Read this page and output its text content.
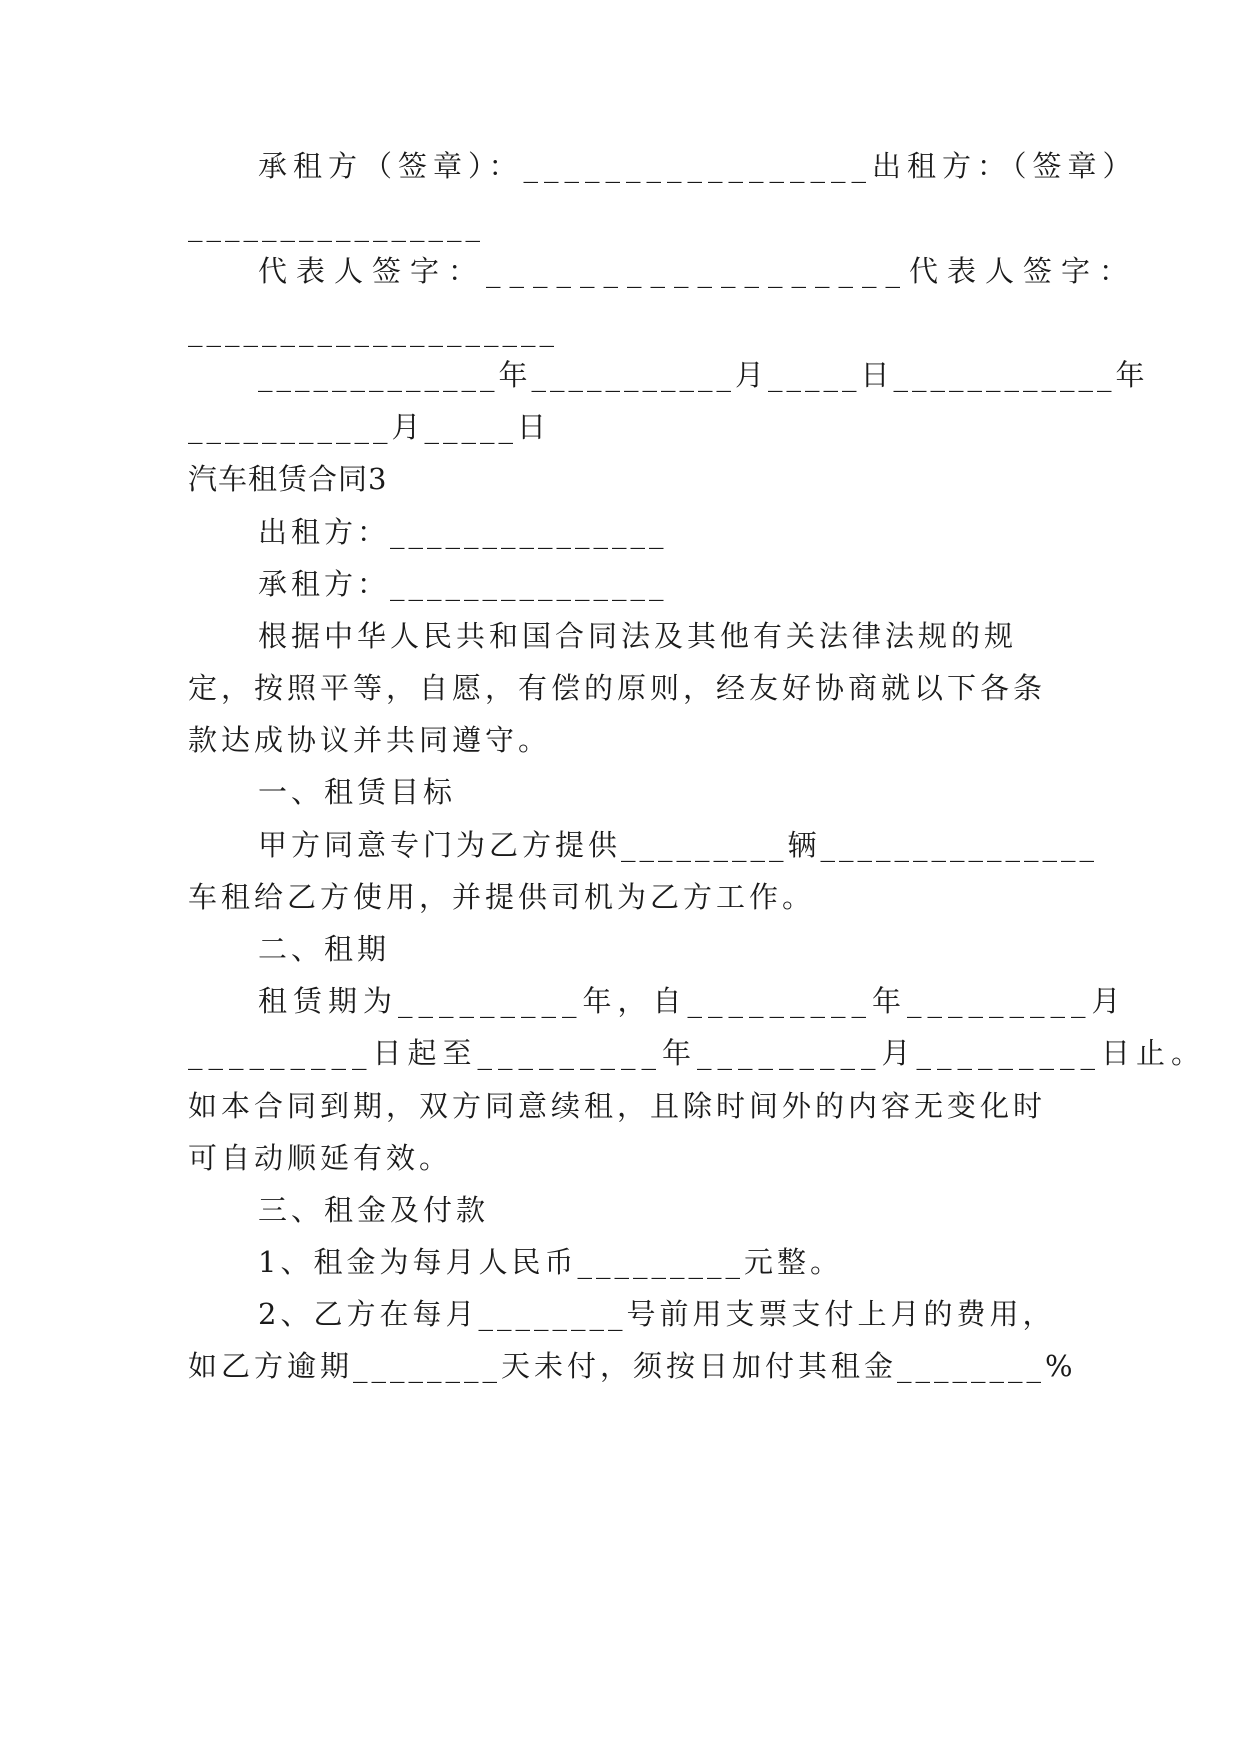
承租方（签章）：_________________出租方：（签章）
________________
代表人签字：__________________代表人签字：
____________________
_____________年___________月_____日____________年
___________月_____日
汽车租赁合同3
出租方：_______________
承租方：_______________
根据中华人民共和国合同法及其他有关法律法规的规
定，按照平等，自愿，有偿的原则，经友好协商就以下各条
款达成协议并共同遵守。
一、租赁目标
甲方同意专门为乙方提供_________辆_______________
车租给乙方使用，并提供司机为乙方工作。
二、租期
租赁期为_________年，自_________年_________月
_________日起至_________年_________月_________日止。
如本合同到期，双方同意续租，且除时间外的内容无变化时
可自动顺延有效。
三、租金及付款
1、租金为每月人民币_________元整。
2、乙方在每月________号前用支票支付上月的费用，
如乙方逾期________天未付，须按日加付其租金________%
